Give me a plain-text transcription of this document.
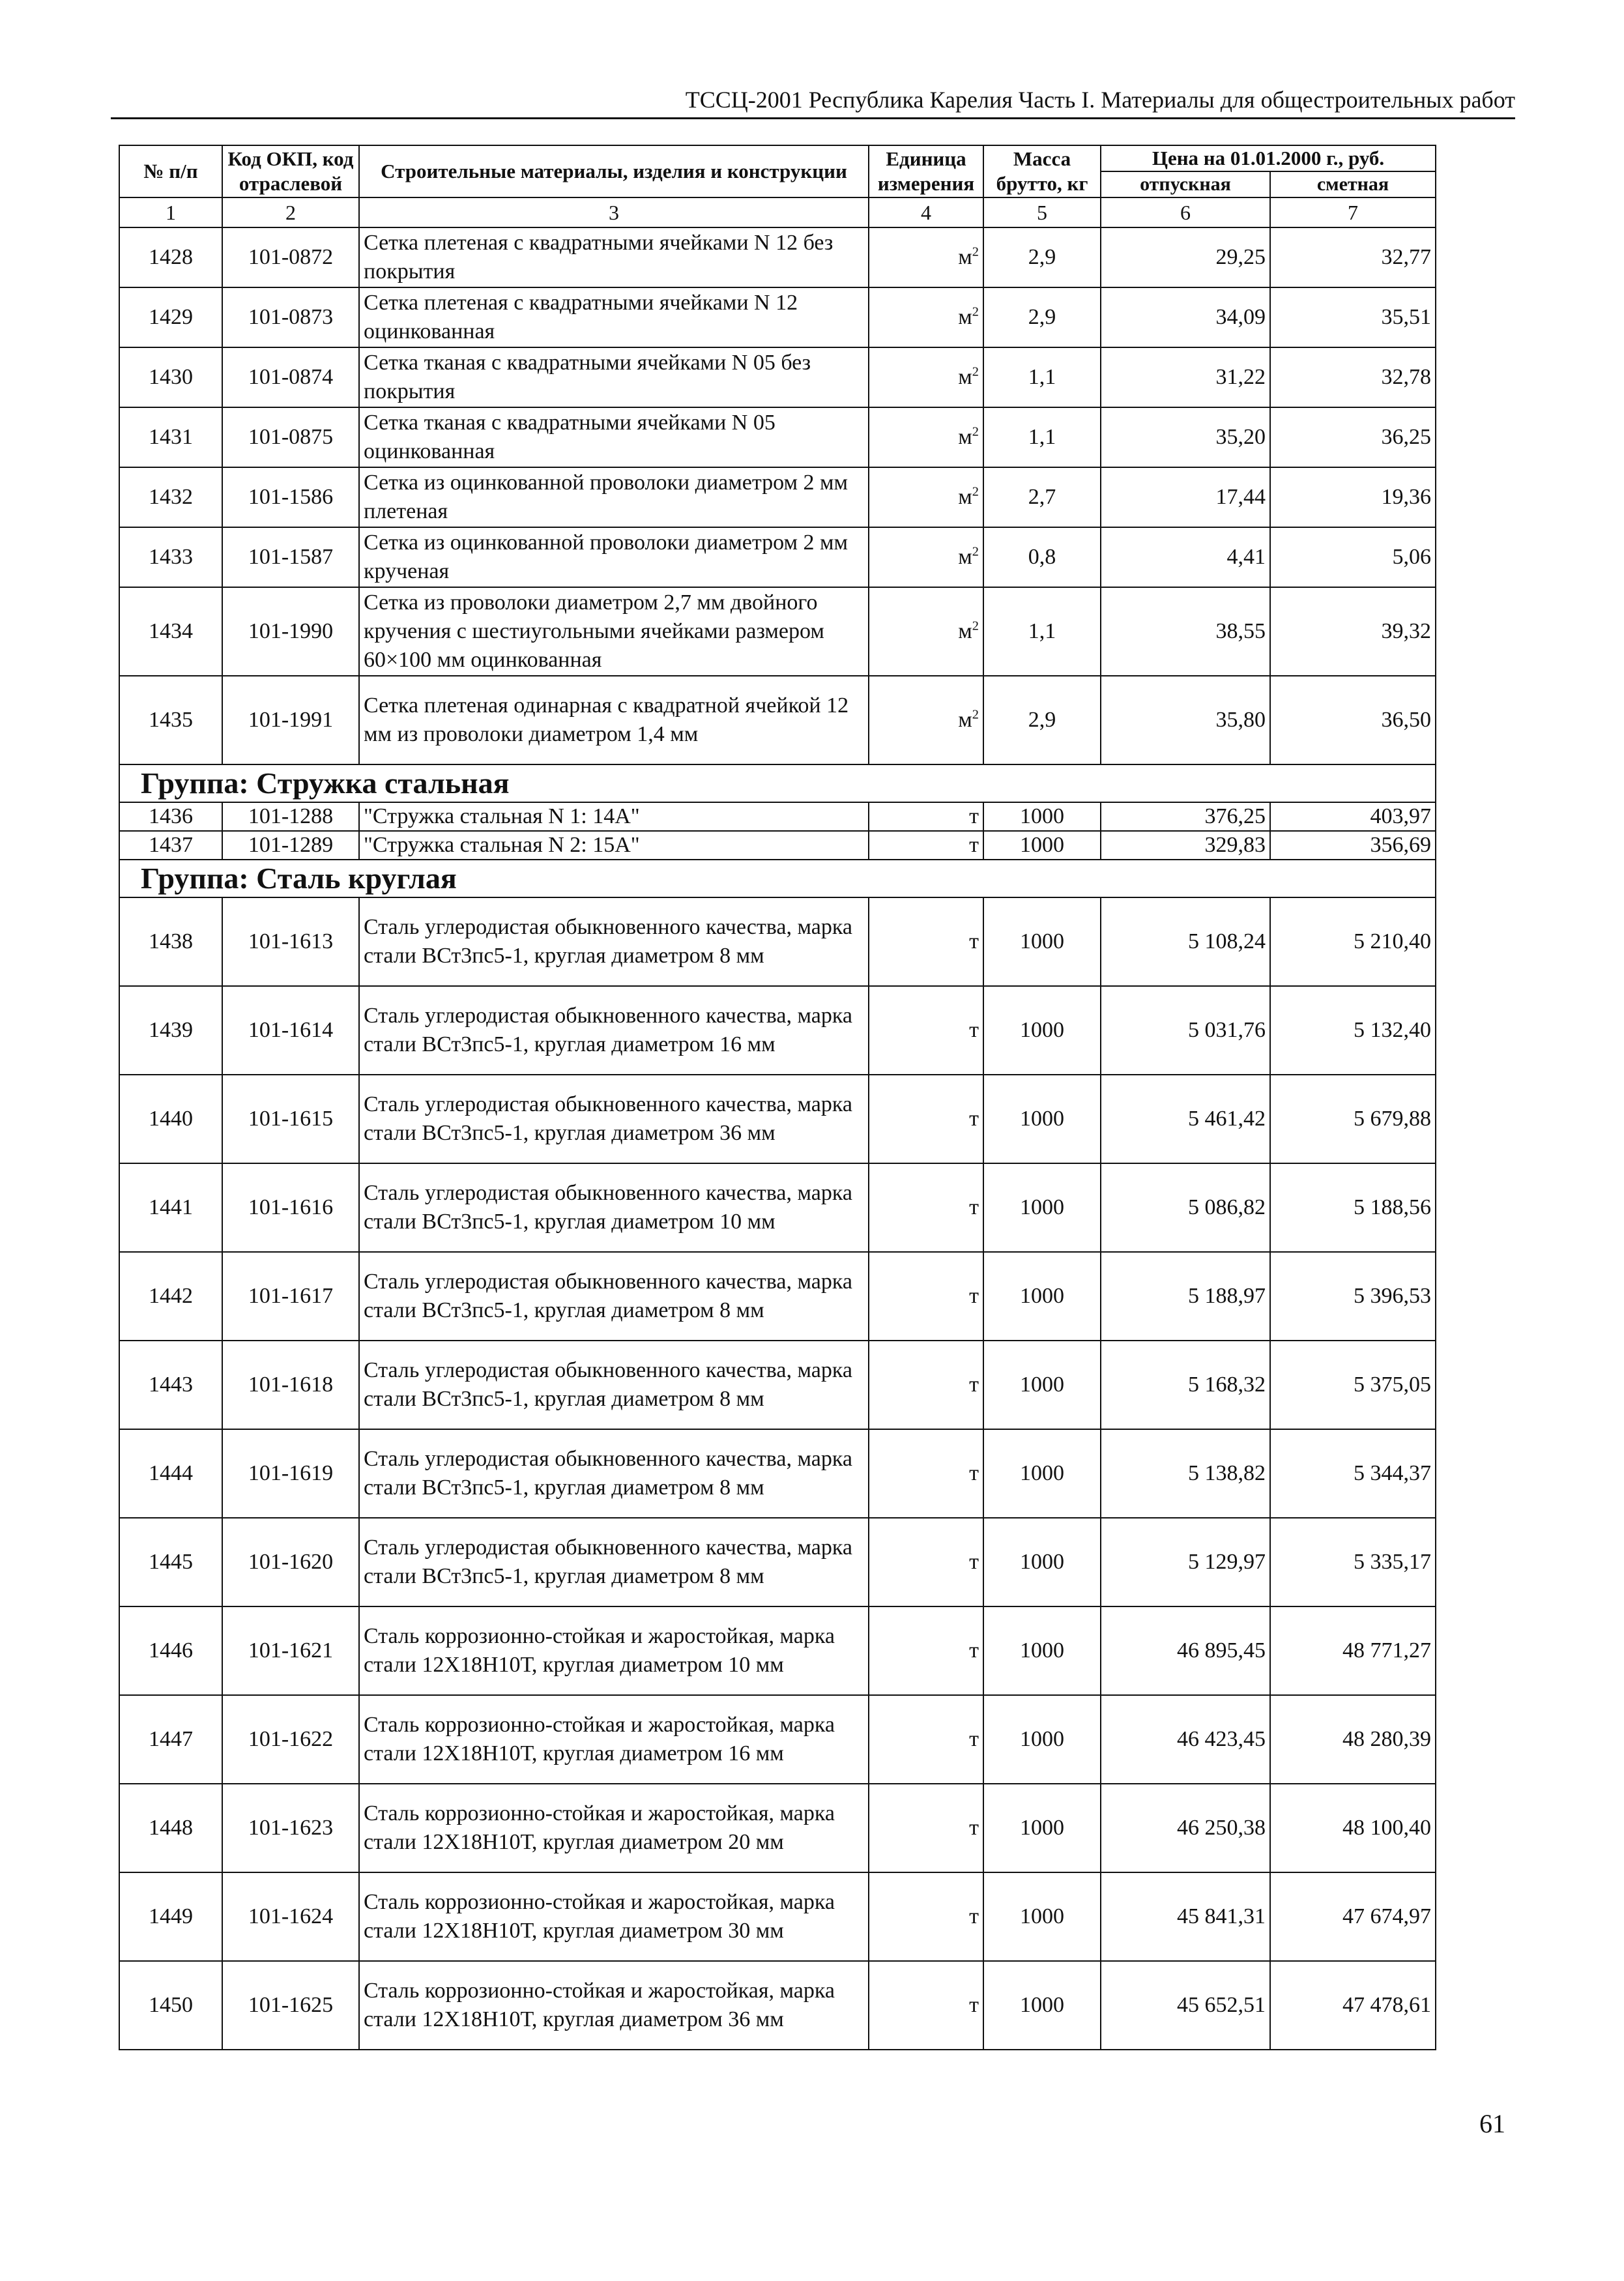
ТССЦ-2001 Республика Карелия Часть I. Материалы для общестроительных работ
№ п/п	Код ОКП, код отраслевой	Строительные материалы, изделия и конструкции	Единица измерения	Масса брутто, кг	Цена на 01.01.2000 г., руб.	
					отпускная	сметная
1	2	3	4	5	6	7
1428	101-0872	Сетка плетеная с квадратными ячейками N 12 без покрытия	$м^2$	2,9	29,25	32,77
1429	101-0873	Сетка плетеная с квадратными ячейками N 12 оцинкованная	$м^2$	2,9	34,09	35,51
1430	101-0874	Сетка тканая с квадратными ячейками N 05 без покрытия	$м^2$	1,1	31,22	32,78
1431	101-0875	Сетка тканая с квадратными ячейками N 05 оцинкованная	$м^2$	1,1	35,20	36,25
1432	101-1586	Сетка из оцинкованной проволоки диаметром 2 мм плетеная	$м^2$	2,7	17,44	19,36
1433	101-1587	Сетка из оцинкованной проволоки диаметром 2 мм крученая	$м^2$	0,8	4,41	5,06
1434	101-1990	Сетка из проволоки диаметром 2,7 мм двойного кручения с шестиугольными ячейками размером 60×100 мм оцинкованная	$м^2$	1,1	38,55	39,32
1435	101-1991	Сетка плетеная одинарная с квадратной ячейкой 12 мм из проволоки диаметром 1,4 мм	$м^2$	2,9	35,80	36,50
Группа: Стружка стальная						
1436	101-1288	"Стружка стальная N 1: 14А"	т	1000	376,25	403,97
1437	101-1289	"Стружка стальная N 2: 15А"	т	1000	329,83	356,69
Группа: Сталь круглая						
1438	101-1613	Сталь углеродистая обыкновенного качества, марка стали ВСт3пс5-1, круглая диаметром 8 мм	т	1000	5 108,24	5 210,40
1439	101-1614	Сталь углеродистая обыкновенного качества, марка стали ВСт3пс5-1, круглая диаметром 16 мм	т	1000	5 031,76	5 132,40
1440	101-1615	Сталь углеродистая обыкновенного качества, марка стали ВСт3пс5-1, круглая диаметром 36 мм	т	1000	5 461,42	5 679,88
1441	101-1616	Сталь углеродистая обыкновенного качества, марка стали ВСт3пс5-1, круглая диаметром 10 мм	т	1000	5 086,82	5 188,56
1442	101-1617	Сталь углеродистая обыкновенного качества, марка стали ВСт3пс5-1, круглая диаметром 8 мм	т	1000	5 188,97	5 396,53
1443	101-1618	Сталь углеродистая обыкновенного качества, марка стали ВСт3пс5-1, круглая диаметром 8 мм	т	1000	5 168,32	5 375,05
1444	101-1619	Сталь углеродистая обыкновенного качества, марка стали ВСт3пс5-1, круглая диаметром 8 мм	т	1000	5 138,82	5 344,37
1445	101-1620	Сталь углеродистая обыкновенного качества, марка стали ВСт3пс5-1, круглая диаметром 8 мм	т	1000	5 129,97	5 335,17
1446	101-1621	Сталь коррозионно-стойкая и жаростойкая, марка стали 12Х18Н10Т, круглая диаметром 10 мм	т	1000	46 895,45	48 771,27
1447	101-1622	Сталь коррозионно-стойкая и жаростойкая, марка стали 12Х18Н10Т, круглая диаметром 16 мм	т	1000	46 423,45	48 280,39
1448	101-1623	Сталь коррозионно-стойкая и жаростойкая, марка стали 12Х18Н10Т, круглая диаметром 20 мм	т	1000	46 250,38	48 100,40
1449	101-1624	Сталь коррозионно-стойкая и жаростойкая, марка стали 12Х18Н10Т, круглая диаметром 30 мм	т	1000	45 841,31	47 674,97
1450	101-1625	Сталь коррозионно-стойкая и жаростойкая, марка стали 12Х18Н10Т, круглая диаметром 36 мм	т	1000	45 652,51	47 478,61
61
